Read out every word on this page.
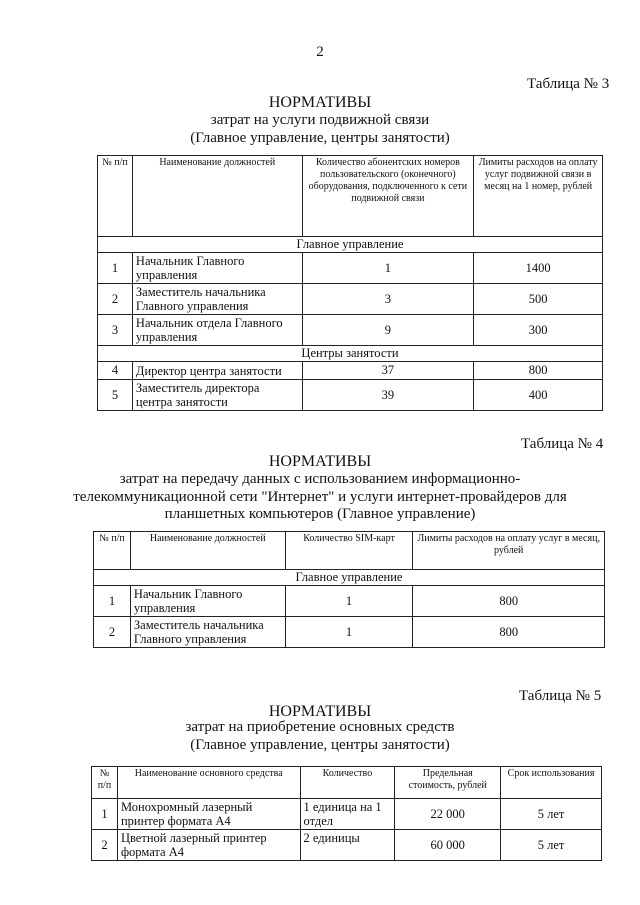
2
Таблица № 3
НОРМАТИВЫ
затрат на услуги подвижной связи
(Главное управление, центры занятости)
№ п/п	Наименование должностей	Количество абонентских номеров пользовательского (оконечного) оборудования, подключенного к сети подвижной связи	Лимиты расходов на оплату услуг подвижной связи в месяц на 1 номер, рублей
Главное управление			
1	Начальник Главного управления	1	1400
2	Заместитель начальника Главного управления	3	500
3	Начальник отдела Главного управления	9	300
Центры занятости			
4	Директор центра занятости	37	800
5	Заместитель директора центра занятости	39	400
Таблица № 4
НОРМАТИВЫ
затрат на передачу данных с использованием информационно-
телекоммуникационной сети "Интернет" и услуги интернет-провайдеров для
планшетных компьютеров (Главное управление)
№ п/п	Наименование должностей	Количество SIM-карт	Лимиты расходов на оплату услуг в месяц, рублей
Главное управление			
1	Начальник Главного управления	1	800
2	Заместитель начальника Главного управления	1	800
Таблица № 5
НОРМАТИВЫ
затрат на приобретение основных средств
(Главное управление, центры занятости)
№ п/п	Наименование основного средства	Количество	Предельная стоимость, рублей	Срок использования
1	Монохромный лазерный принтер формата А4	1 единица на 1 отдел	22 000	5 лет
2	Цветной лазерный принтер формата А4	2 единицы	60 000	5 лет
